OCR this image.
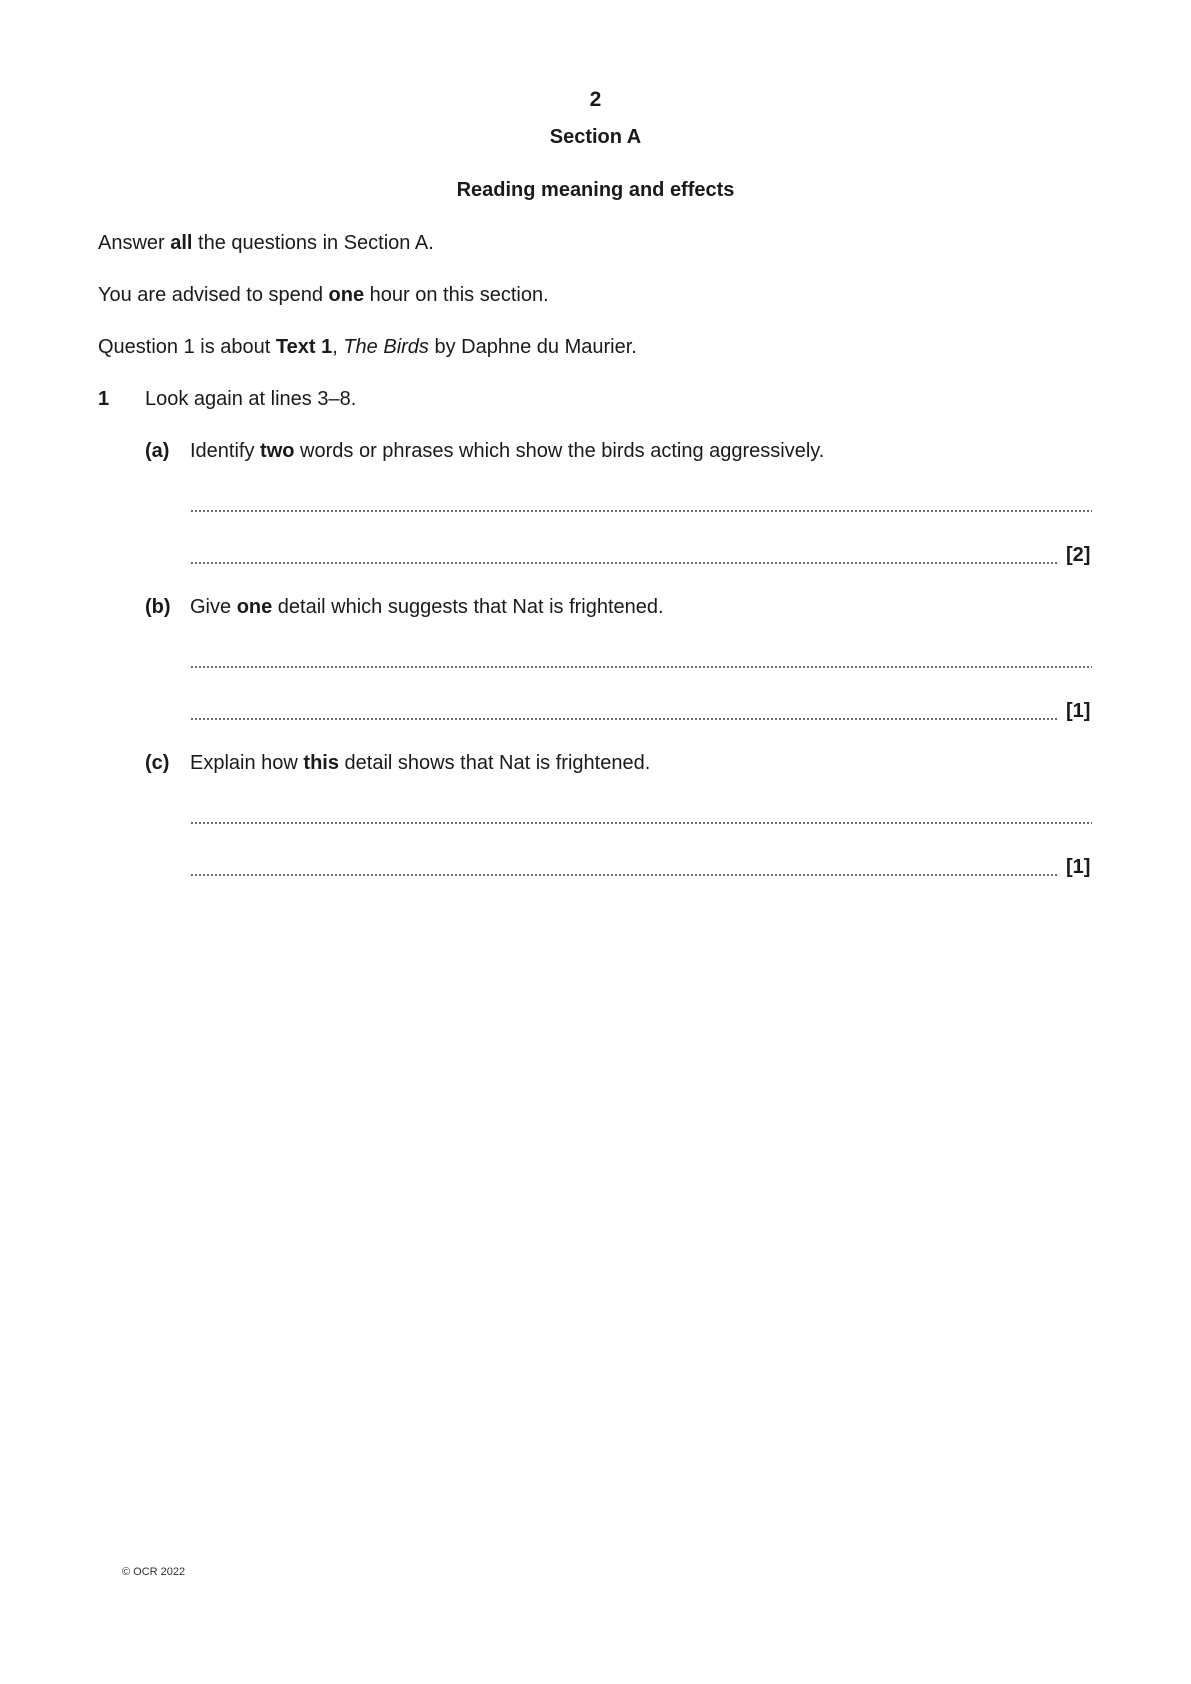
2
Section A
Reading meaning and effects
Answer all the questions in Section A.
You are advised to spend one hour on this section.
Question 1 is about Text 1, The Birds by Daphne du Maurier.
1 Look again at lines 3–8.
(a) Identify two words or phrases which show the birds acting aggressively.
[2]
(b) Give one detail which suggests that Nat is frightened.
[1]
(c) Explain how this detail shows that Nat is frightened.
[1]
© OCR 2022
